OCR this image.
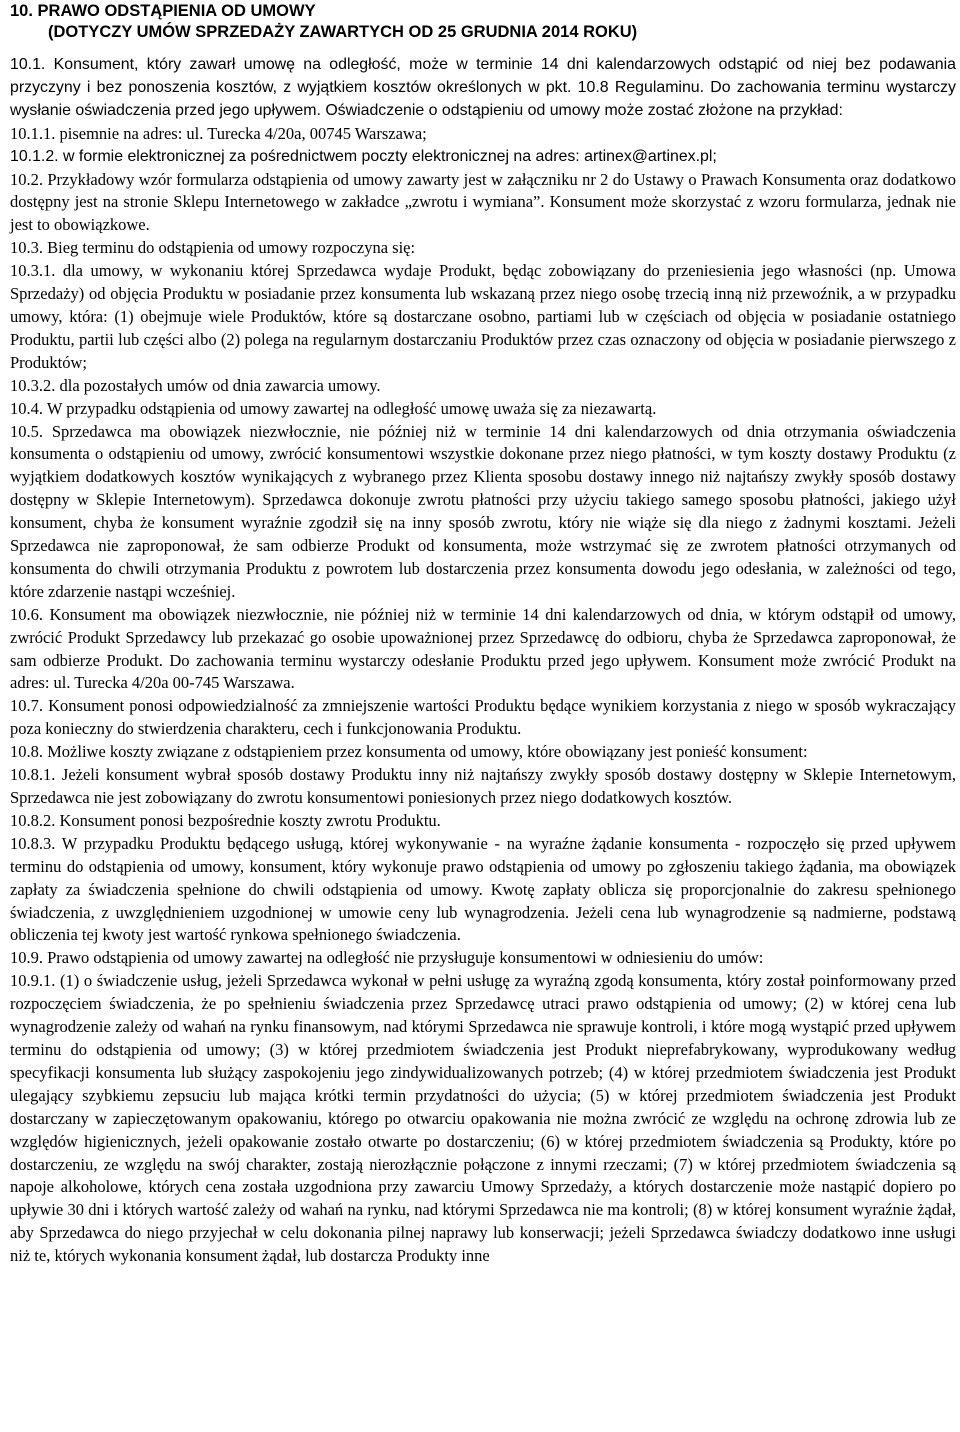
10. PRAWO ODSTĄPIENIA OD UMOWY
(DOTYCZY UMÓW SPRZEDAŻY ZAWARTYCH OD 25 GRUDNIA 2014 ROKU)

10.1. Konsument, który zawarł umowę na odległość, może w terminie 14 dni kalendarzowych odstąpić od niej bez podawania przyczyny i bez ponoszenia kosztów, z wyjątkiem kosztów określonych w pkt. 10.8 Regulaminu. Do zachowania terminu wystarczy wysłanie oświadczenia przed jego upływem. Oświadczenie o odstąpieniu od umowy może zostać złożone na przykład:

10.1.1. pisemnie na adres: ul. Turecka 4/20a, 00745 Warszawa;

10.1.2. w formie elektronicznej za pośrednictwem poczty elektronicznej na adres: artinex@artinex.pl;

10.2. Przykładowy wzór formularza odstąpienia od umowy zawarty jest w załączniku nr 2 do Ustawy o Prawach Konsumenta oraz dodatkowo dostępny jest na stronie Sklepu Internetowego w zakładce „zwrotu i wymiana”. Konsument może skorzystać z wzoru formularza, jednak nie jest to obowiązkowe.

10.3. Bieg terminu do odstąpienia od umowy rozpoczyna się:

10.3.1. dla umowy, w wykonaniu której Sprzedawca wydaje Produkt, będąc zobowiązany do przeniesienia jego własności (np. Umowa Sprzedaży) od objęcia Produktu w posiadanie przez konsumenta lub wskazaną przez niego osobę trzecią inną niż przewoźnik, a w przypadku umowy, która: (1) obejmuje wiele Produktów, które są dostarczane osobno, partiami lub w częściach od objęcia w posiadanie ostatniego Produktu, partii lub części albo (2) polega na regularnym dostarczaniu Produktów przez czas oznaczony od objęcia w posiadanie pierwszego z Produktów;

10.3.2. dla pozostałych umów od dnia zawarcia umowy.

10.4. W przypadku odstąpienia od umowy zawartej na odległość umowę uważa się za niezawartą.

10.5. Sprzedawca ma obowiązek niezwłocznie, nie później niż w terminie 14 dni kalendarzowych od dnia otrzymania oświadczenia konsumenta o odstąpieniu od umowy, zwrócić konsumentowi wszystkie dokonane przez niego płatności, w tym koszty dostawy Produktu (z wyjątkiem dodatkowych kosztów wynikających z wybranego przez Klienta sposobu dostawy innego niż najtańszy zwykły sposób dostawy dostępny w Sklepie Internetowym). Sprzedawca dokonuje zwrotu płatności przy użyciu takiego samego sposobu płatności, jakiego użył konsument, chyba że konsument wyraźnie zgodził się na inny sposób zwrotu, który nie wiąże się dla niego z żadnymi kosztami. Jeżeli Sprzedawca nie zaproponował, że sam odbierze Produkt od konsumenta, może wstrzymać się ze zwrotem płatności otrzymanych od konsumenta do chwili otrzymania Produktu z powrotem lub dostarczenia przez konsumenta dowodu jego odesłania, w zależności od tego, które zdarzenie nastąpi wcześniej.

10.6. Konsument ma obowiązek niezwłocznie, nie później niż w terminie 14 dni kalendarzowych od dnia, w którym odstąpił od umowy, zwrócić Produkt Sprzedawcy lub przekazać go osobie upoważnionej przez Sprzedawcę do odbioru, chyba że Sprzedawca zaproponował, że sam odbierze Produkt. Do zachowania terminu wystarczy odesłanie Produktu przed jego upływem. Konsument może zwrócić Produkt na adres: ul. Turecka 4/20a 00-745 Warszawa.

10.7. Konsument ponosi odpowiedzialność za zmniejszenie wartości Produktu będące wynikiem korzystania z niego w sposób wykraczający poza konieczny do stwierdzenia charakteru, cech i funkcjonowania Produktu.

10.8. Możliwe koszty związane z odstąpieniem przez konsumenta od umowy, które obowiązany jest ponieść konsument:

10.8.1. Jeżeli konsument wybrał sposób dostawy Produktu inny niż najtańszy zwykły sposób dostawy dostępny w Sklepie Internetowym, Sprzedawca nie jest zobowiązany do zwrotu konsumentowi poniesionych przez niego dodatkowych kosztów.

10.8.2. Konsument ponosi bezpośrednie koszty zwrotu Produktu.

10.8.3. W przypadku Produktu będącego usługą, której wykonywanie - na wyraźne żądanie konsumenta - rozpoczęło się przed upływem terminu do odstąpienia od umowy, konsument, który wykonuje prawo odstąpienia od umowy po zgłoszeniu takiego żądania, ma obowiązek zapłaty za świadczenia spełnione do chwili odstąpienia od umowy. Kwotę zapłaty oblicza się proporcjonalnie do zakresu spełnionego świadczenia, z uwzględnieniem uzgodnionej w umowie ceny lub wynagrodzenia. Jeżeli cena lub wynagrodzenie są nadmierne, podstawą obliczenia tej kwoty jest wartość rynkowa spełnionego świadczenia.

10.9. Prawo odstąpienia od umowy zawartej na odległość nie przysługuje konsumentowi w odniesieniu do umów:

10.9.1. (1) o świadczenie usług, jeżeli Sprzedawca wykonał w pełni usługę za wyraźną zgodą konsumenta, który został poinformowany przed rozpoczęciem świadczenia, że po spełnieniu świadczenia przez Sprzedawcę utraci prawo odstąpienia od umowy; (2) w której cena lub wynagrodzenie zależy od wahań na rynku finansowym, nad którymi Sprzedawca nie sprawuje kontroli, i które mogą wystąpić przed upływem terminu do odstąpienia od umowy; (3) w której przedmiotem świadczenia jest Produkt nieprefabrykowany, wyprodukowany według specyfikacji konsumenta lub służący zaspokojeniu jego zindywidualizowanych potrzeb; (4) w której przedmiotem świadczenia jest Produkt ulegający szybkiemu zepsuciu lub mająca krótki termin przydatności do użycia; (5) w której przedmiotem świadczenia jest Produkt dostarczany w zapieczętowanym opakowaniu, którego po otwarciu opakowania nie można zwrócić ze względu na ochronę zdrowia lub ze względów higienicznych, jeżeli opakowanie zostało otwarte po dostarczeniu; (6) w której przedmiotem świadczenia są Produkty, które po dostarczeniu, ze względu na swój charakter, zostają nierozłącznie połączone z innymi rzeczami; (7) w której przedmiotem świadczenia są napoje alkoholowe, których cena została uzgodniona przy zawarciu Umowy Sprzedaży, a których dostarczenie może nastąpić dopiero po upływie 30 dni i których wartość zależy od wahań na rynku, nad którymi Sprzedawca nie ma kontroli; (8) w której konsument wyraźnie żądał, aby Sprzedawca do niego przyjechał w celu dokonania pilnej naprawy lub konserwacji; jeżeli Sprzedawca świadczy dodatkowo inne usługi niż te, których wykonania konsument żądał, lub dostarcza Produkty inne
